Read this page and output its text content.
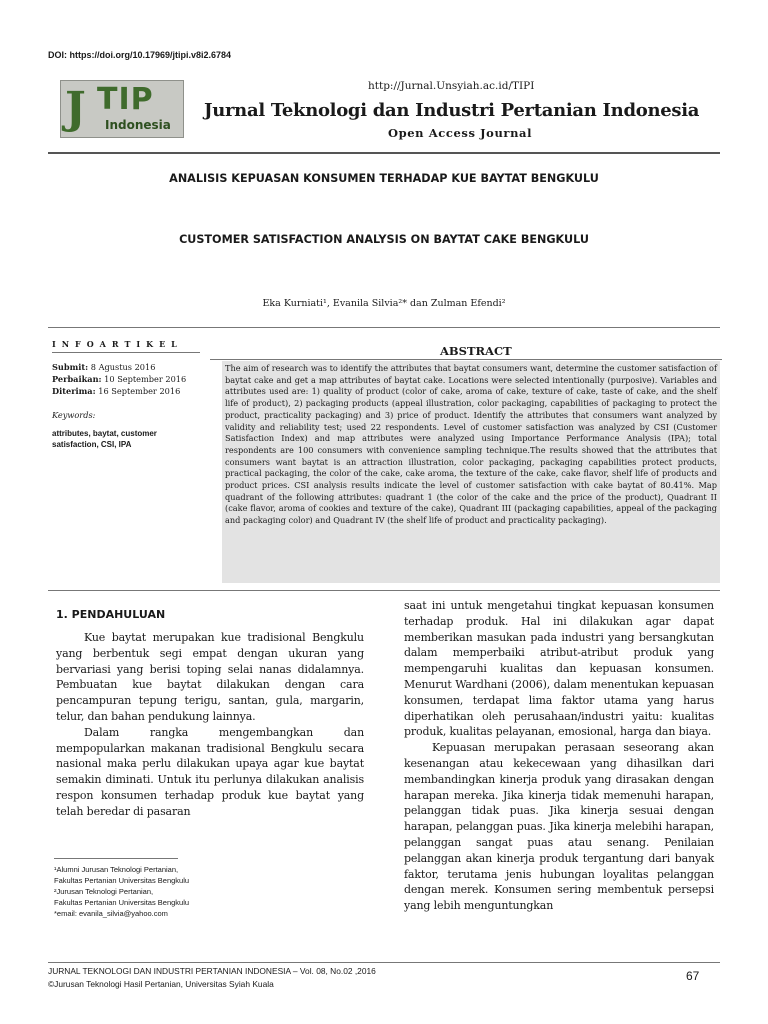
DOI: https://doi.org/10.17969/jtipi.v8i2.6784
http://Jurnal.Unsyiah.ac.id/TIPI
J TIP
Indonesia
Jurnal Teknologi dan Industri Pertanian Indonesia
Open Access Journal
ANALISIS KEPUASAN KONSUMEN TERHADAP KUE BAYTAT BENGKULU
CUSTOMER SATISFACTION ANALYSIS ON BAYTAT CAKE BENGKULU
Eka Kurniati¹, Evanila Silvia²* dan Zulman Efendi²
I N F O A R T I K E L
Submit: 8 Agustus 2016
Perbaikan: 10 September 2016
Diterima: 16 September 2016
Keywords:
attributes, baytat, customer satisfaction, CSI, IPA
ABSTRACT
The aim of research was to identify the attributes that baytat consumers want, determine the customer satisfaction of baytat cake and get a map attributes of baytat cake. Locations were selected intentionally (purposive). Variables and attributes used are: 1) quality of product (color of cake, aroma of cake, texture of cake, taste of cake, and the shelf life of product), 2) packaging products (appeal illustration, color packaging, capabilities of packaging to protect the product, practicality packaging) and 3) price of product. Identify the attributes that consumers want analyzed by validity and reliability test; used 22 respondents. Level of customer satisfaction was analyzed by CSI (Customer Satisfaction Index) and map attributes were analyzed using Importance Performance Analysis (IPA); total respondents are 100 consumers with convenience sampling technique.The results showed that the attributes that consumers want baytat is an attraction illustration, color packaging, packaging capabilities protect products, practical packaging, the color of the cake, cake aroma, the texture of the cake, cake flavor, shelf life of products and product prices. CSI analysis results indicate the level of customer satisfaction with cake baytat of 80.41%. Map quadrant of the following attributes: quadrant 1 (the color of the cake and the price of the product), Quadrant II (cake flavor, aroma of cookies and texture of the cake), Quadrant III (packaging capabilities, appeal of the packaging and packaging color) and Quadrant IV (the shelf life of product and practicality packaging).
1. PENDAHULUAN

Kue baytat merupakan kue tradisional Bengkulu yang berbentuk segi empat dengan ukuran yang bervariasi yang berisi toping selai nanas didalamnya. Pembuatan kue baytat dilakukan dengan cara pencampuran tepung terigu, santan, gula, margarin, telur, dan bahan pendukung lainnya.

Dalam rangka mengembangkan dan mempopularkan makanan tradisional Bengkulu secara nasional maka perlu dilakukan upaya agar kue baytat semakin diminati. Untuk itu perlunya dilakukan analisis respon konsumen terhadap produk kue baytat yang telah beredar di pasaran

saat ini untuk mengetahui tingkat kepuasan konsumen terhadap produk. Hal ini dilakukan agar dapat memberikan masukan pada industri yang bersangkutan dalam memperbaiki atribut-atribut produk yang mempengaruhi kualitas dan kepuasan konsumen. Menurut Wardhani (2006), dalam menentukan kepuasan konsumen, terdapat lima faktor utama yang harus diperhatikan oleh perusahaan/industri yaitu: kualitas produk, kualitas pelayanan, emosional, harga dan biaya.

Kepuasan merupakan perasaan seseorang akan kesenangan atau kekecewaan yang dihasilkan dari membandingkan kinerja produk yang dirasakan dengan harapan mereka. Jika kinerja tidak memenuhi harapan, pelanggan tidak puas. Jika kinerja sesuai dengan harapan, pelanggan puas. Jika kinerja melebihi harapan, pelanggan sangat puas atau senang. Penilaian pelanggan akan kinerja produk tergantung dari banyak faktor, terutama jenis hubungan loyalitas pelanggan dengan merek. Konsumen sering membentuk persepsi yang lebih menguntungkan

¹Alumni Jurusan Teknologi Pertanian,
Fakultas Pertanian Universitas Bengkulu
²Jurusan Teknologi Pertanian,
Fakultas Pertanian Universitas Bengkulu
*email: evanila_silvia@yahoo.com
JURNAL TEKNOLOGI DAN INDUSTRI PERTANIAN INDONESIA – Vol. 08, No.02 ,2016
©Jurusan Teknologi Hasil Pertanian, Universitas Syiah Kuala
67
